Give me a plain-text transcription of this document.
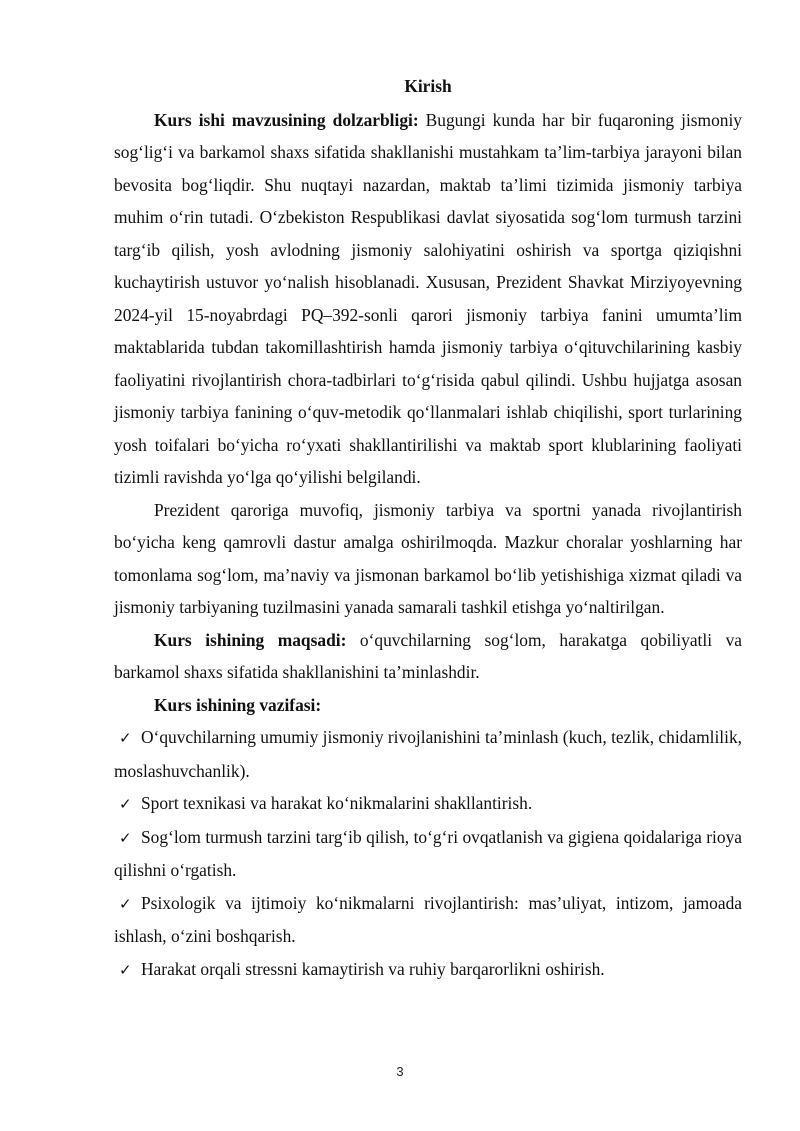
Kirish

Kurs ishi mavzusining dolzarbligi: Bugungi kunda har bir fuqaroning jismoniy sog‘lig‘i va barkamol shaxs sifatida shakllanishi mustahkam ta’lim-tarbiya jarayoni bilan bevosita bog‘liqdir. Shu nuqtayi nazardan, maktab ta’limi tizimida jismoniy tarbiya muhim o‘rin tutadi. O‘zbekiston Respublikasi davlat siyosatida sog‘lom turmush tarzini targ‘ib qilish, yosh avlodning jismoniy salohiyatini oshirish va sportga qiziqishni kuchaytirish ustuvor yo‘nalish hisoblanadi. Xususan, Prezident Shavkat Mirziyoyevning 2024-yil 15-noyabrdagi PQ–392-sonli qarori jismoniy tarbiya fanini umumta’lim maktablarida tubdan takomillashtirish hamda jismoniy tarbiya o‘qituvchilarining kasbiy faoliyatini rivojlantirish chora-tadbirlari to‘g‘risida qabul qilindi. Ushbu hujjatga asosan jismoniy tarbiya fanining o‘quv-metodik qo‘llanmalari ishlab chiqilishi, sport turlarining yosh toifalari bo‘yicha ro‘yxati shakllantirilishi va maktab sport klublarining faoliyati tizimli ravishda yo‘lga qo‘yilishi belgilandi.

Prezident qaroriga muvofiq, jismoniy tarbiya va sportni yanada rivojlantirish bo‘yicha keng qamrovli dastur amalga oshirilmoqda. Mazkur choralar yoshlarning har tomonlama sog‘lom, ma’naviy va jismonan barkamol bo‘lib yetishishiga xizmat qiladi va jismoniy tarbiyaning tuzilmasini yanada samarali tashkil etishga yo‘naltirilgan.

Kurs ishining maqsadi: o‘quvchilarning sog‘lom, harakatga qobiliyatli va barkamol shaxs sifatida shakllanishini ta’minlashdir.

Kurs ishining vazifasi:

✓ O‘quvchilarning umumiy jismoniy rivojlanishini ta’minlash (kuch, tezlik, chidamlilik, moslashuvchanlik).
✓ Sport texnikasi va harakat ko‘nikmalarini shakllantirish.
✓ Sog‘lom turmush tarzini targ‘ib qilish, to‘g‘ri ovqatlanish va gigiena qoidalariga rioya qilishni o‘rgatish.
✓ Psixologik va ijtimoiy ko‘nikmalarni rivojlantirish: mas’uliyat, intizom, jamoada ishlash, o‘zini boshqarish.
✓ Harakat orqali stressni kamaytirish va ruhiy barqarorlikni oshirish.
3
